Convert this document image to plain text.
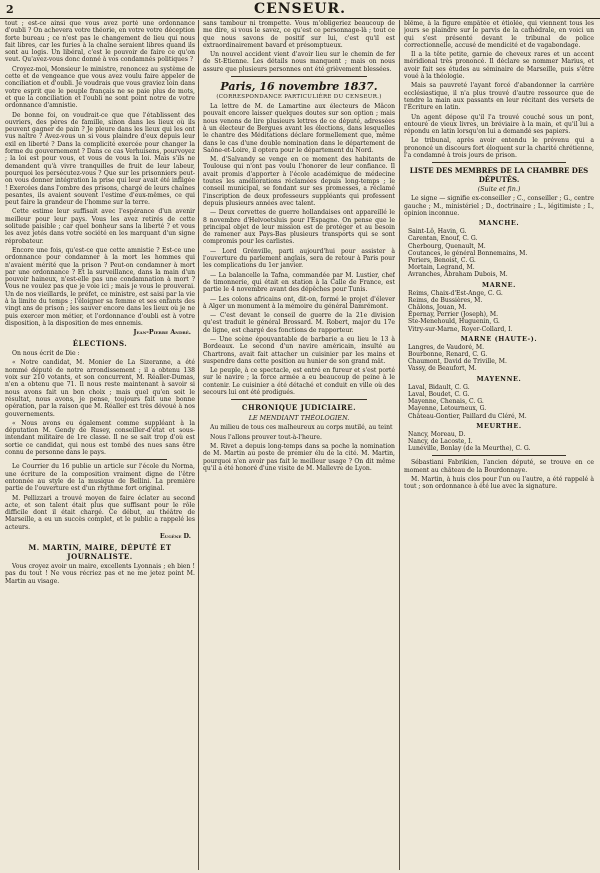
2	CENSEUR.

tout ; est-ce ainsi que vous avez porté une ordonnance d'oubli ? On achevera votre théorie, en votre votre déception forte bureau ; ce n'est pas le changement de lieu qui nous fait libres, car les furies à la chaîne seraient libres quand ils sont au logis. Un libéral, c'est le pouvoir de faire ce qu'on veut. Qu'avez-vous donc donné à vos condamnés politiques ?

Croyez-moi, Monsieur le ministre, renoncez au système de cette et de vengeance que vous avez voulu faire appeler de conciliation et d'oubli. Je voudrais que vous graviez loin dans votre esprit que le peuple français ne se paie plus de mots, et que la conciliation et l'oubli ne sont point notre de votre ordonnance d'amnistie.

De bonne foi, on voudrait-ce que que l'établissent des ouvriers, des pères de famille, sinon dans les lieux où ils peuvent gagner de pain ? Je pleure dans les lieux qui les ont vus naître ? Avez-vous un si vous plaindre d'eux depuis leur exil en liberté ? Dans la complicité exercée pour changer la forme du gouvernement ? Dans ce cas Verhuisens, pourvoyez ; la loi est pour vous, et vous de vous la loi. Mais s'ils ne demandent qu'à vivre tranquilles de fruit de leur labeur, pourquoi les persécutez-vous ? Que sur les prisonniers peut-on vous donner intégration la prise qui leur avait été infligée ! Exercées dans l'ombre des prisons, chargé de leurs chaînes pesantes, ils avaient souvent l'estime d'eux-mêmes, ce qui peut faire la grandeur de l'homme sur la terre.

Cette estime leur suffisait avec l'espérance d'un avenir meilleur pour leur pays. Vous les avez retirés de cette solitude paisible ; car quel bonheur sans la liberté ? et vous les avez jetés dans votre société en les marquant d'un signe réprobateur.

Encore une fois, qu'est-ce que cette amnistie ? Est-ce une ordonnance pour condamner à la mort les hommes qui n'avaient mérité que la prison ? Peut-on condamner à mort par une ordonnance ? Et la surveillance, dans la main d'un pouvoir haineux, n'est-elle pas une condamnation à mort ? Vous ne voulez pas que je voie ici ; mais je vous le prouverai. Un de nos vieillards, le préfet, ce ministre, est saisi par la vie à la limite du temps ; l'éloigner sa femme et ses enfants des vingt ans de prison ; les sauver encore dans les lieux où je ne puis exercer mon métier, et l'ordonnance d'oubli est à votre disposition, à la disposition de mes ennemis.

Jean-Pierre André.
ÉLECTIONS.

On nous écrit de Die :

« Notre candidat, M. Monier de La Sizeranne, a été nommé député de notre arrondissement ; il a obtenu 138 voix sur 210 votants, et son concurrent, M. Réaller-Dumas, n'en a obtenu que 71. Il nous reste maintenant à savoir si nous avons fait un bon choix ; mais quel qu'en soit le résultat, nous avons, je pense, toujours fait une bonne opération, par la raison que M. Réaller est très dévoué à nos gouvernements.

« Nous avons eu également comme suppléant à la députation M. Gendy de Rusey, conseiller-d'état et sous-intendant militaire de 1re classe. Il ne se sait trop d'où est sortie ce candidat, qui nous est tombé des nues sans être connu de personne dans le pays.

Le Courrier du 16 publie un article sur l'école du Norma, une écriture de la composition vraiment digne de l'être entonnée au style de la musique de Bellini. La première partie de l'ouverture est d'un rhythme fort original.

M. Pellizzari a trouvé moyen de faire éclater au second acte, et son talent était plus que suffisant pour le rôle difficile dont il était chargé. Ce début, au théâtre de Marseille, a eu un succès complet, et le public a rappelé les acteurs.

Eugène D.
M. MARTIN, MAIRE, DÉPUTÉ ET JOURNALISTE.

Vous croyez avoir un maire, excellents Lyonnais ; eh bien ! pas du tout ! Ne vous récriez pas et ne me jetez point M. Martin au visage.

sans tambour ni trompette. Vous m'obligeriez beaucoup de me dire, si vous le savez, ce qu'est ce personnage-là ; tout ce que nous savons de positif sur lui, c'est qu'il est extraordinairement bavard et présomptueux.

Un nouvel accident vient d'avoir lieu sur le chemin de fer de St-Etienne. Les détails nous manquent ; mais on nous assure que plusieurs personnes ont été grièvement blessées.

Paris, 16 novembre 1837.
(CORRESPONDANCE PARTICULIÈRE DU CENSEUR.)

La lettre de M. de Lamartine aux électeurs de Mâcon pouvait encore laisser quelques doutes sur son option ; mais nous venons de lire plusieurs lettres de ce député, adressées à un électeur de Bergues avant les élections, dans lesquelles le chantre des Méditations déclare formellement que, même dans le cas d'une double nomination dans le département de Saône-et-Loire, il optera pour le département du Nord.

M. d'Salvandy se venge en ce moment des habitants de Toulouse qui n'ont pas voulu l'honorer de leur confiance. Il avait promis d'apporter à l'école académique de médecine toutes les améliorations réclamées depuis long-temps ; le conseil municipal, se fondant sur ses promesses, a réclamé l'inscription de deux professeurs suppléants qui professent depuis plusieurs années avec talent.

— Deux corvettes de guerre hollandaises ont appareillé le 8 novembre d'Helvoetsluis pour l'Espagne. On pense que le principal objet de leur mission est de protéger et au besoin de ramener aux Pays-Bas plusieurs transports qui se sont compromis pour les carlistes.

— Lord Grénville, parti aujourd'hui pour assister à l'ouverture du parlement anglais, sera de retour à Paris pour les complications du 1er janvier.

— La balancelle la Tafna, commandée par M. Lustier, chef de timonnerie, qui était en station à la Calle de France, est partie le 4 novembre avant des dépêches pour Tunis.

— Les colons africains ont, dit-on, formé le projet d'élever à Alger un monument à la mémoire du général Damrémont.

— C'est devant le conseil de guerre de la 21e division qu'est traduit le général Brossard. M. Robert, major du 17e de ligne, est chargé des fonctions de rapporteur.

— Une scène épouvantable de barbarie a eu lieu le 13 à Bordeaux. Le second d'un navire américain, insulté au Chartrons, avait fait attacher un cuisinier par les mains et suspendre dans cette position au hunier de son grand mât.

Le peuple, à ce spectacle, est entré en fureur et s'est porté sur le navire ; la force armée a eu beaucoup de peine à le contenir. Le cuisinier a été détaché et conduit en ville où des secours lui ont été prodigués.

CHRONIQUE JUDICIAIRE.
LE MENDIANT THÉOLOGIEN.

Au milieu de tous ces malheureux au corps mutilé, au teint

Nous l'allons prouver tout-à-l'heure.

M. Rivet a depuis long-temps dans sa poche la nomination de M. Martin au poste de premier élu de la cité. M. Martin, pourquoi n'en avoir pas fait le meilleur usage ? On dit même qu'il a été honoré d'une visite de M. Mallevre de Lyon.

blême, à la figure empâtée et étiolée, qui viennent tous les jours se plaindre sur le parvis de la cathédrale, en voici un qui s'est présenté devant le tribunal de police correctionnelle, accusé de mendicité et de vagabondage.

Il a la tête petite, garnie de cheveux rares et un accent méridional très prononcé. Il déclare se nommer Marius, et avoir fait ses études au séminaire de Marseille, puis s'être voué à la théologie.

Mais sa pauvreté l'ayant forcé d'abandonner la carrière ecclésiastique, il n'a plus trouvé d'autre ressource que de tendre la main aux passants en leur récitant des versets de l'Écriture en latin.

Un agent dépose qu'il l'a trouvé couché sous un pont, entouré de vieux livres, un bréviaire à la main, et qu'il lui a répondu en latin lorsqu'on lui a demandé ses papiers.

Le tribunal, après avoir entendu le prévenu qui a prononcé un discours fort éloquent sur la charité chrétienne, l'a condamné à trois jours de prison.

LISTE DES MEMBRES DE LA CHAMBRE DES DÉPUTÉS.
(Suite et fin.)

Le signe — signifie ex-conseiller ; C., conseiller ; G., centre gauche ; M., ministériel ; D., doctrinaire ; L., légitimiste ; I., opinion inconnue.

MANCHE.
Saint-Lô, Havin, G.
Carentan, Enouf, C. G.
Cherbourg, Quenault, M.
Coutances, le général Bonnemains, M.
Periers, Benoist, C. G.
Mortain, Legrand, M.
Avranches, Abraham Dubois, M.
MARNE.
Reims, Chaix-d'Est-Ange, C. G.
Reims, de Bussières, M.
Châlons, Jouan, M.
Épernay, Perrier (Joseph), M.
Ste-Menehould, Huguenin, G.
Vitry-sur-Marne, Royer-Collard, I.
MARNE (HAUTE-).
Langres, de Vaudoré, M.
Bourbonne, Renard, C. G.
Chaumont, David de Triville, M.
Vassy, de Beaufort, M.
MAYENNE.
Laval, Bidault, C. G.
Laval, Boudet, C. G.
Mayenne, Chenais, C. G.
Mayenne, Letourneux, G.
Château-Gontier, Paillard du Cléré, M.
MEURTHE.
Nancy, Moreau, D.
Nancy, de Lacoste, I.
Lunéville, Bonlay (de la Meurthe), C. G.

Sébastiani Fabrikien, l'ancien député, se trouve en ce moment au château de la Bourdonnaye.

M. Martin, à huis clos pour l'un ou l'autre, a été rappelé à tout ; son ordonnance à été lue avec la signature.
